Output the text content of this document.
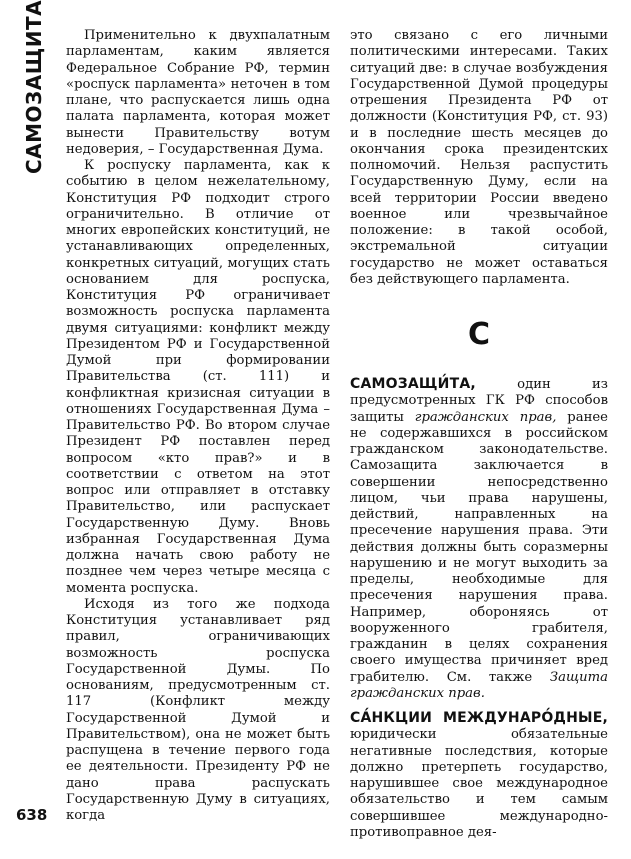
САМОЗАЩИТА	Применительно к двухпалатным парламентам, каким является Федеральное Собрание РФ, термин «роспуск парламента» неточен в том плане, что распускается лишь одна палата парламента, которая может вынести Правительству вотум недоверия, – Государственная Дума.

К роспуску парламента, как к событию в целом нежелательному, Конституция РФ подходит строго ограничительно. В отличие от многих европейских конституций, не устанавливающих определенных, конкретных ситуаций, могущих стать основанием для роспуска, Конституция РФ ограничивает возможность роспуска парламента двумя ситуациями: конфликт между Президентом РФ и Государственной Думой при формировании Правительства (ст. 111) и конфликтная кризисная ситуации в отношениях Государственная Дума – Правительство РФ. Во втором случае Президент РФ поставлен перед вопросом «кто прав?» и в соответствии с ответом на этот вопрос или отправляет в отставку Правительство, или распускает Государственную Думу. Вновь избранная Государственная Дума должна начать свою работу не позднее чем через четыре месяца с момента роспуска.

Исходя из того же подхода Конституция устанавливает ряд правил, ограничивающих возможность роспуска Государственной Думы. По основаниям, предусмотренным ст. 117 (Конфликт между Государственной Думой и Правительством), она не может быть распущена в течение первого года ее деятельности. Президенту РФ не дано права распускать Государственную Думу в ситуациях, когда

это связано с его личными политическими интересами. Таких ситуаций две: в случае возбуждения Государственной Думой процедуры отрешения Президента РФ от должности (Конституция РФ, ст. 93) и в последние шесть месяцев до окончания срока президентских полномочий. Нельзя распустить Государственную Думу, если на всей территории России введено военное или чрезвычайное положение: в такой особой, экстремальной ситуации государство не может оставаться без действующего парламента.

С

САМОЗАЩИ́ТА, один из предусмотренных ГК РФ способов защиты гражданских прав, ранее не содержавшихся в российском гражданском законодательстве. Самозащита заключается в совершении непосредственно лицом, чьи права нарушены, действий, направленных на пресечение нарушения права. Эти действия должны быть соразмерны нарушению и не могут выходить за пределы, необходимые для пресечения нарушения права. Например, обороняясь от вооруженного грабителя, гражданин в целях сохранения своего имущества причиняет вред грабителю. См. также Защита гражданских прав.

СА́НКЦИИ МЕЖДУНАРО́ДНЫЕ, юридически обязательные негативные последствия, которые должно претерпеть государство, нарушившее свое международное обязательство и тем самым совершившее международно-противоправное дея-

638
